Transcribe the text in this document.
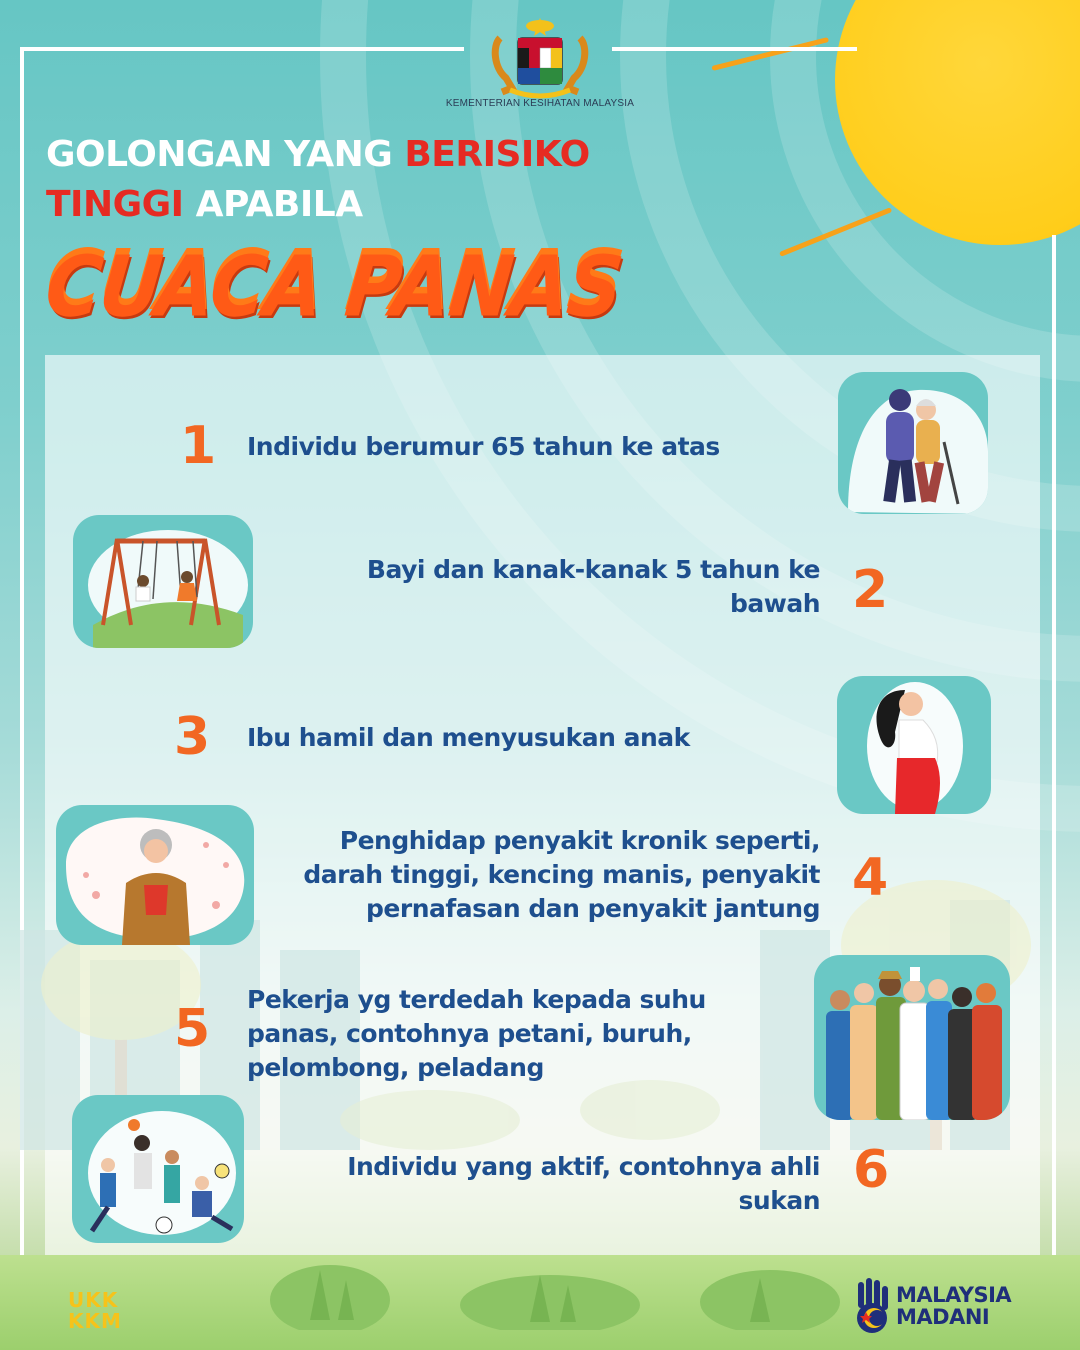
KEMENTERIAN KESIHATAN MALAYSIA
GOLONGAN YANG BERISIKO
TINGGI APABILA
CUACA PANAS
1 Individu berumur 65 tahun ke atas
Bayi dan kanak-kanak 5 tahun ke
bawah 2
3 Ibu hamil dan menyusukan anak
Penghidap penyakit kronik seperti,
darah tinggi, kencing manis, penyakit
pernafasan dan penyakit jantung
4
5 Pekerja yg terdedah kepada suhu
panas, contohnya petani, buruh,
pelombong, peladang
Individu yang aktif, contohnya ahli
sukan
6
UKK
KKM
MALAYSIA
MADANI
